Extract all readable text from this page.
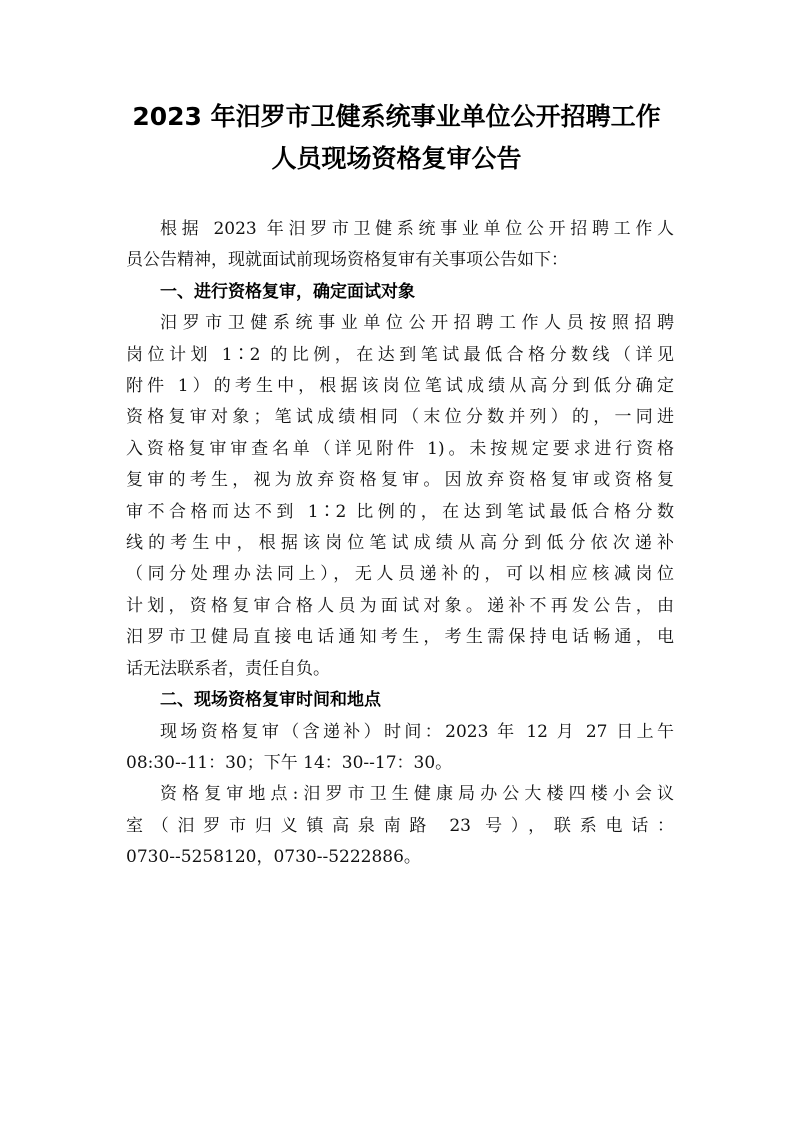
2023 年汨罗市卫健系统事业单位公开招聘工作
人员现场资格复审公告
根据 2023 年汨罗市卫健系统事业单位公开招聘工作人
员公告精神，现就面试前现场资格复审有关事项公告如下：
一、进行资格复审，确定面试对象
汨罗市卫健系统事业单位公开招聘工作人员按照招聘
岗位计划 1∶2 的比例，在达到笔试最低合格分数线（详见
附件 1）的考生中，根据该岗位笔试成绩从高分到低分确定
资格复审对象；笔试成绩相同（末位分数并列）的，一同进
入资格复审审查名单（详见附件 1)。未按规定要求进行资格
复审的考生，视为放弃资格复审。因放弃资格复审或资格复
审不合格而达不到 1∶2 比例的，在达到笔试最低合格分数
线的考生中，根据该岗位笔试成绩从高分到低分依次递补
（同分处理办法同上），无人员递补的，可以相应核减岗位
计划，资格复审合格人员为面试对象。递补不再发公告，由
汨罗市卫健局直接电话通知考生，考生需保持电话畅通，电
话无法联系者，责任自负。
二、现场资格复审时间和地点
现场资格复审（含递补）时间：2023 年 12 月 27 日上午
08:30--11：30；下午 14：30--17：30。
资格复审地点:汨罗市卫生健康局办公大楼四楼小会议
室（汨罗市归义镇高泉南路 23 号），联系电话：
0730--5258120，0730--5222886。
